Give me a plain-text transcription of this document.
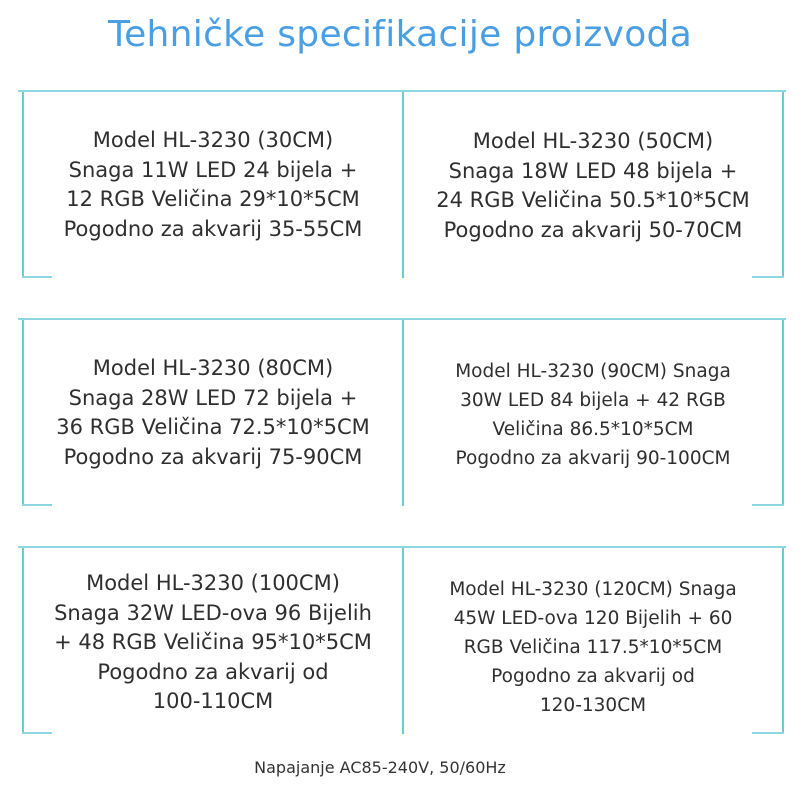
Tehničke specifikacije proizvoda
Model HL-3230 (30CM)
Snaga 11W LED 24 bijela +
12 RGB Veličina 29*10*5CM
Pogodno za akvarij 35-55CM
Model HL-3230 (50CM)
Snaga 18W LED 48 bijela +
24 RGB Veličina 50.5*10*5CM
Pogodno za akvarij 50-70CM
Model HL-3230 (80CM)
Snaga 28W LED 72 bijela +
36 RGB Veličina 72.5*10*5CM
Pogodno za akvarij 75-90CM
Model HL-3230 (90CM) Snaga
30W LED 84 bijela + 42 RGB
Veličina 86.5*10*5CM
Pogodno za akvarij 90-100CM
Model HL-3230 (100CM)
Snaga 32W LED-ova 96 Bijelih
+ 48 RGB Veličina 95*10*5CM
Pogodno za akvarij od
100-110CM
Model HL-3230 (120CM) Snaga
45W LED-ova 120 Bijelih + 60
RGB Veličina 117.5*10*5CM
Pogodno za akvarij od
120-130CM
Napajanje AC85-240V, 50/60Hz
